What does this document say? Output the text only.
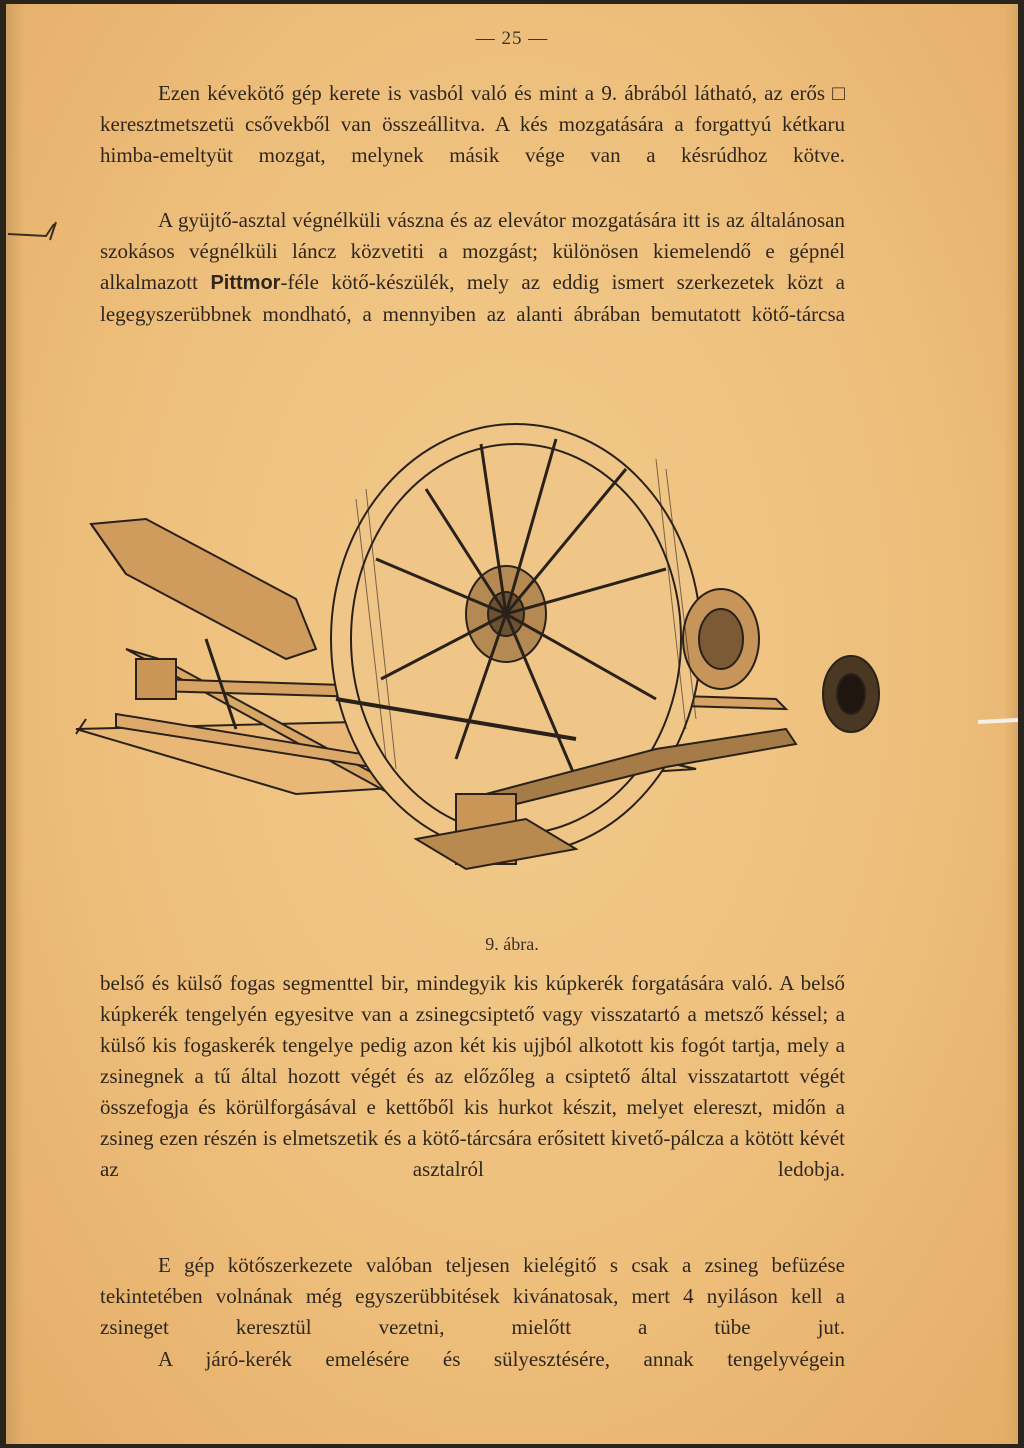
— 25 —

Ezen kévekötő gép kerete is vasból való és mint a 9. ábrából látható, az erős □ keresztmetszetü csővekből van összeállitva. A kés mozgatására a forgattyú kétkaru himba-emeltyüt mozgat, melynek másik vége van a késrúdhoz kötve.

A gyüjtő-asztal végnélküli vászna és az elevátor mozgatására itt is az általánosan szokásos végnélküli láncz közvetiti a mozgást; különösen kiemelendő e gépnél alkalmazott Pittmor-féle kötő-készülék, mely az eddig ismert szerkezetek közt a legegyszerübbnek mondható, a mennyiben az alanti ábrában bemutatott kötő-tárcsa

9. ábra.

belső és külső fogas segmenttel bir, mindegyik kis kúpkerék forgatására való. A belső kúpkerék tengelyén egyesitve van a zsinegcsiptető vagy visszatartó a metsző késsel; a külső kis fogaskerék tengelye pedig azon két kis ujjból alkotott kis fogót tartja, mely a zsinegnek a tű által hozott végét és az előzőleg a csiptető által visszatartott végét összefogja és körülforgásával e kettőből kis hurkot készit, melyet elereszt, midőn a zsineg ezen részén is elmetszetik és a kötő-tárcsára erősitett kivető-pálcza a kötött kévét az asztalról ledobja.

E gép kötőszerkezete valóban teljesen kielégitő s csak a zsineg befüzése tekintetében volnának még egyszerübbitések kivánatosak, mert 4 nyiláson kell a zsineget keresztül vezetni, mielőtt a tübe jut.

A járó-kerék emelésére és sülyesztésére, annak tengelyvégein
